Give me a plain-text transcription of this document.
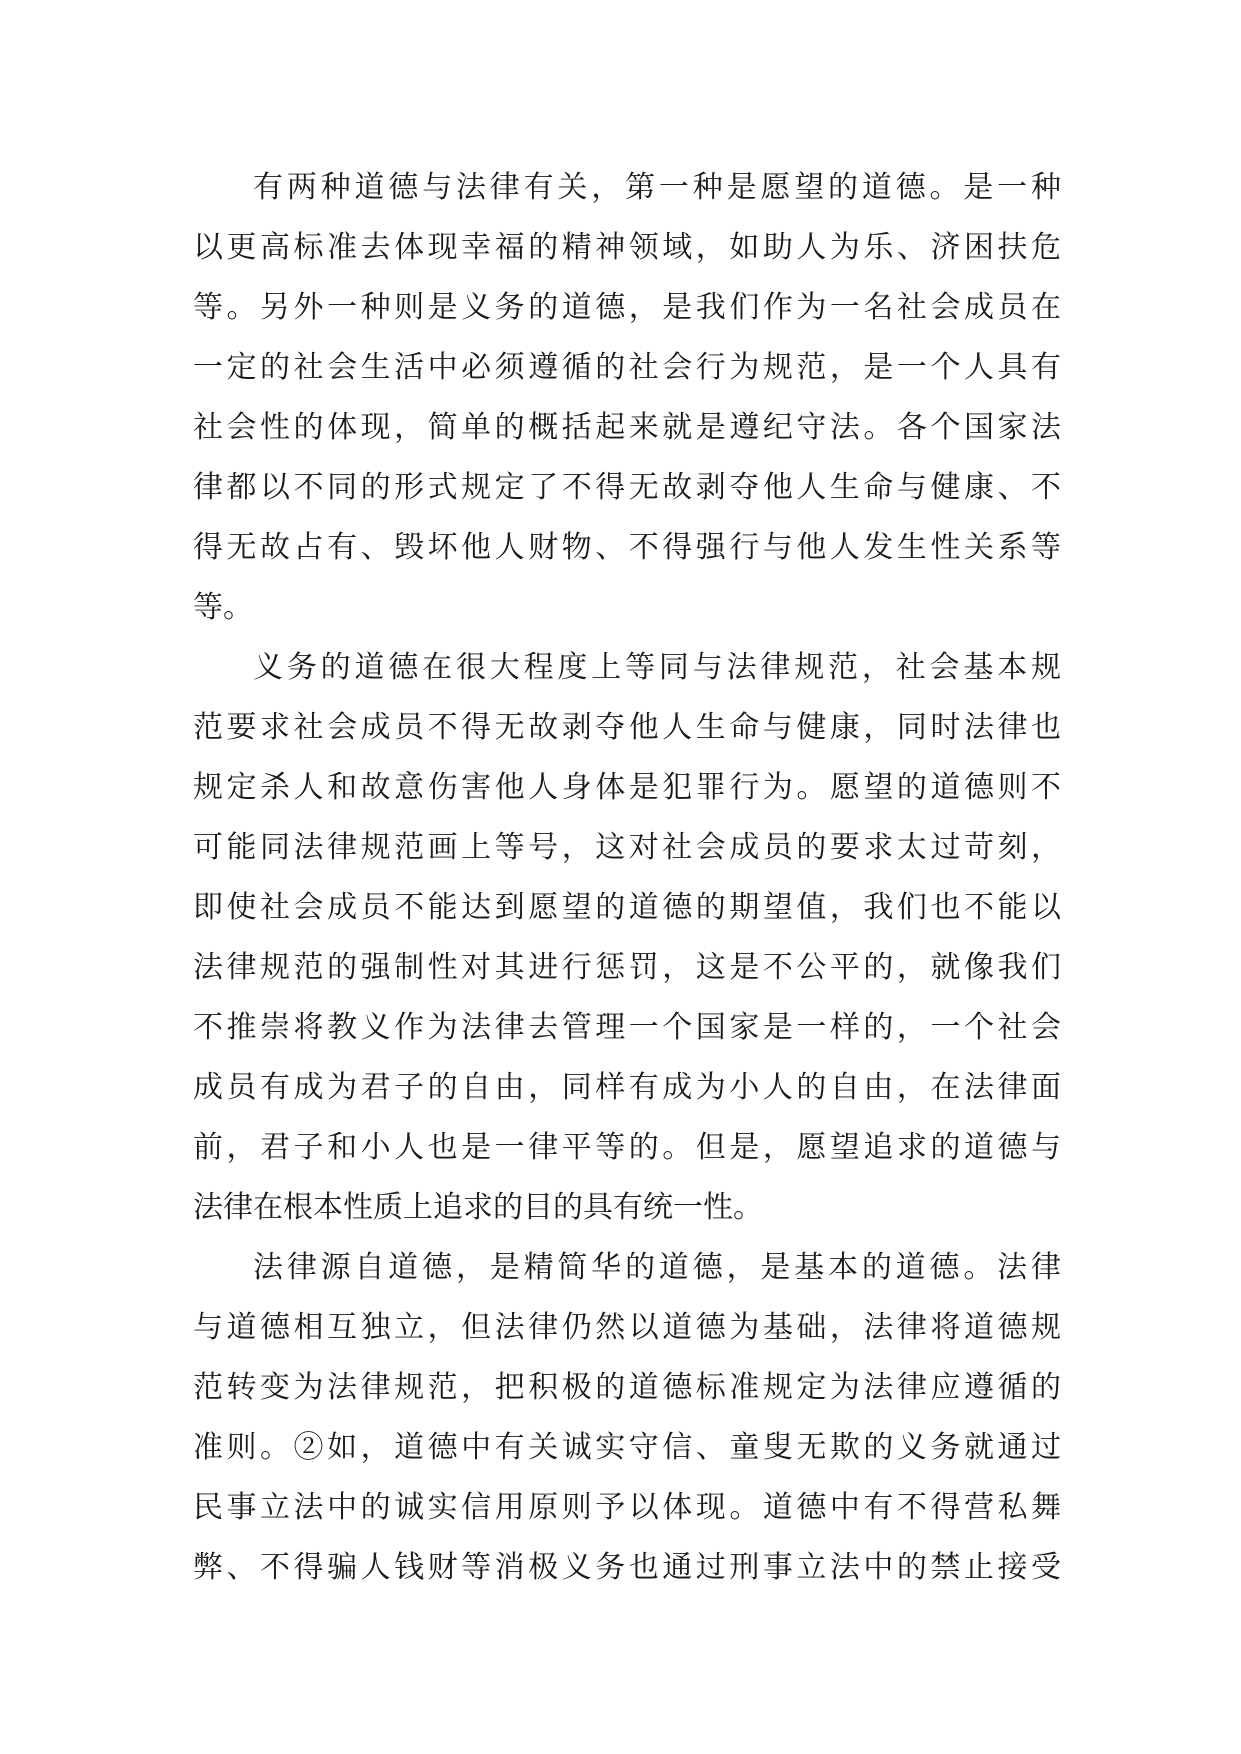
有两种道德与法律有关，第一种是愿望的道德。是一种
以更高标准去体现幸福的精神领域，如助人为乐、济困扶危
等。另外一种则是义务的道德，是我们作为一名社会成员在
一定的社会生活中必须遵循的社会行为规范，是一个人具有
社会性的体现，简单的概括起来就是遵纪守法。各个国家法
律都以不同的形式规定了不得无故剥夺他人生命与健康、不
得无故占有、毁坏他人财物、不得强行与他人发生性关系等
等。
义务的道德在很大程度上等同与法律规范，社会基本规
范要求社会成员不得无故剥夺他人生命与健康，同时法律也
规定杀人和故意伤害他人身体是犯罪行为。愿望的道德则不
可能同法律规范画上等号，这对社会成员的要求太过苛刻，
即使社会成员不能达到愿望的道德的期望值，我们也不能以
法律规范的强制性对其进行惩罚，这是不公平的，就像我们
不推崇将教义作为法律去管理一个国家是一样的，一个社会
成员有成为君子的自由，同样有成为小人的自由，在法律面
前，君子和小人也是一律平等的。但是，愿望追求的道德与
法律在根本性质上追求的目的具有统一性。
法律源自道德，是精简华的道德，是基本的道德。法律
与道德相互独立，但法律仍然以道德为基础，法律将道德规
范转变为法律规范，把积极的道德标准规定为法律应遵循的
准则。②如，道德中有关诚实守信、童叟无欺的义务就通过
民事立法中的诚实信用原则予以体现。道德中有不得营私舞
弊、不得骗人钱财等消极义务也通过刑事立法中的禁止接受
